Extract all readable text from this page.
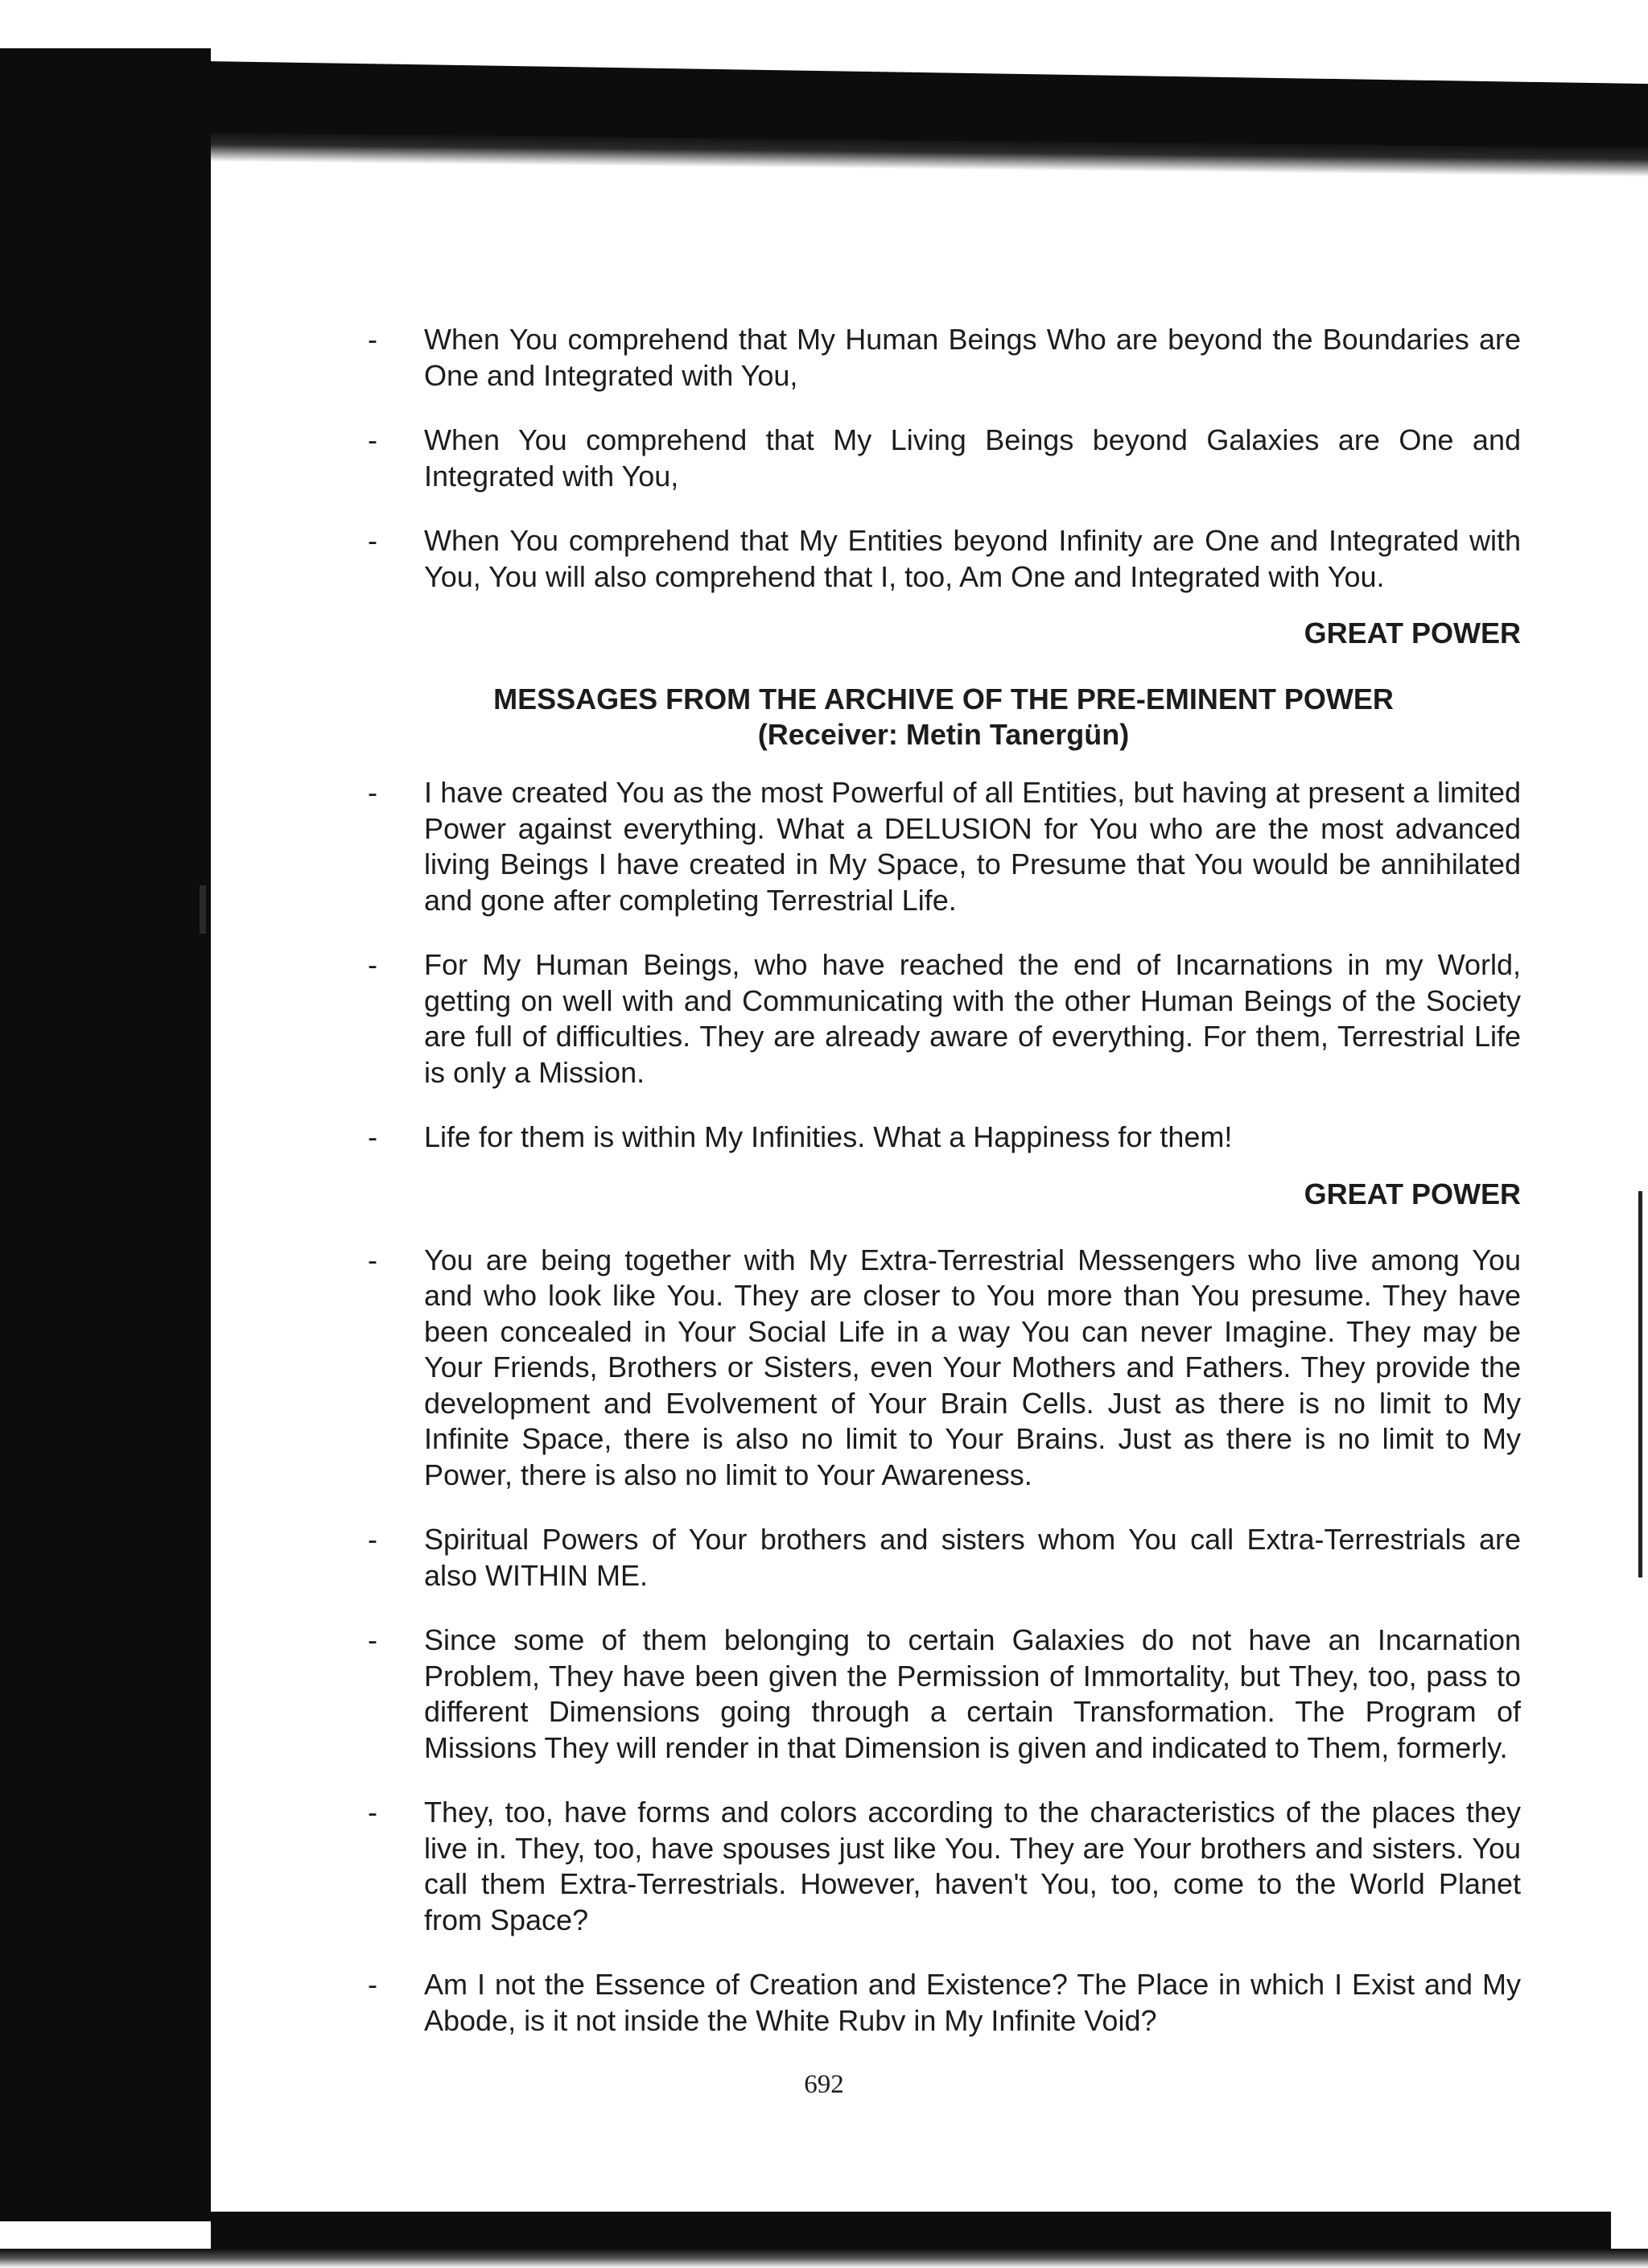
-	When You comprehend that My Human Beings Who are beyond the Boundaries are One and Integrated with You,
-	When You comprehend that My Living Beings beyond Galaxies are One and Integrated with You,
-	When You comprehend that My Entities beyond Infinity are One and Integrated with You, You will also comprehend that I, too, Am One and Integrated with You.
GREAT POWER
MESSAGES FROM THE ARCHIVE OF THE PRE-EMINENT POWER
(Receiver: Metin Tanergün)
-	I have created You as the most Powerful of all Entities, but having at present a limited Power against everything. What a DELUSION for You who are the most advanced living Beings I have created in My Space, to Presume that You would be annihilated and gone after completing Terrestrial Life.
-	For My Human Beings, who have reached the end of Incarnations in my World, getting on well with and Communicating with the other Human Beings of the Society are full of difficulties. They are already aware of everything. For them, Terrestrial Life is only a Mission.
-	Life for them is within My Infinities. What a Happiness for them!
GREAT POWER
-	You are being together with My Extra-Terrestrial Messengers who live among You and who look like You. They are closer to You more than You presume. They have been concealed in Your Social Life in a way You can never Imagine. They may be Your Friends, Brothers or Sisters, even Your Mothers and Fathers. They provide the development and Evolvement of Your Brain Cells. Just as there is no limit to My Infinite Space, there is also no limit to Your Brains. Just as there is no limit to My Power, there is also no limit to Your Awareness.
-	Spiritual Powers of Your brothers and sisters whom You call Extra-Terrestrials are also WITHIN ME.
-	Since some of them belonging to certain Galaxies do not have an Incarnation Problem, They have been given the Permission of Immortality, but They, too, pass to different Dimensions going through a certain Transformation. The Program of Missions They will render in that Dimension is given and indicated to Them, formerly.
-	They, too, have forms and colors according to the characteristics of the places they live in. They, too, have spouses just like You. They are Your brothers and sisters. You call them Extra-Terrestrials. However, haven't You, too, come to the World Planet from Space?
-	Am I not the Essence of Creation and Existence? The Place in which I Exist and My Abode, is it not inside the White Rubv in My Infinite Void?
692
